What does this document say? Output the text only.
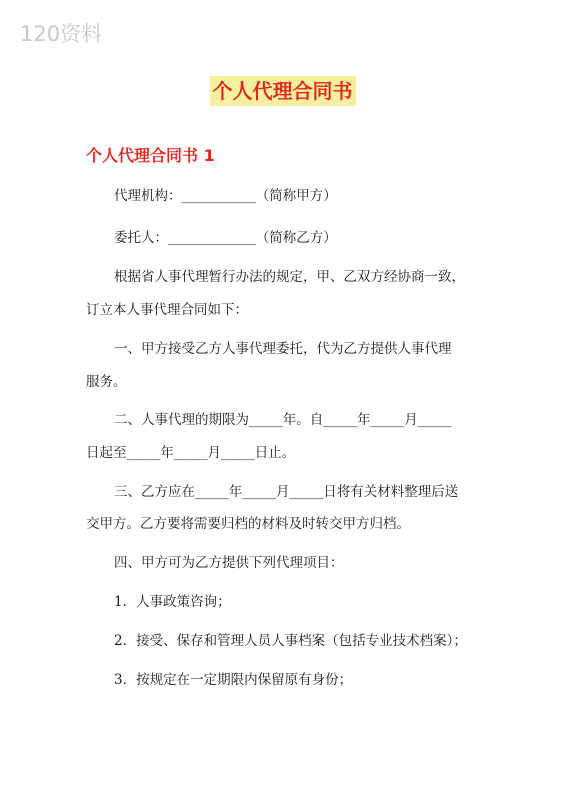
120资料
个人代理合同书
个人代理合同书 1
代理机构：___________（简称甲方）
委托人：_____________（简称乙方）
根据省人事代理暂行办法的规定，甲、乙双方经协商一致，
订立本人事代理合同如下：
一、甲方接受乙方人事代理委托，代为乙方提供人事代理
服务。
二、人事代理的期限为_____年。自_____年_____月_____
日起至_____年_____月_____日止。
三、乙方应在_____年_____月_____日将有关材料整理后送
交甲方。乙方要将需要归档的材料及时转交甲方归档。
四、甲方可为乙方提供下列代理项目：
1．人事政策咨询；
2．接受、保存和管理人员人事档案（包括专业技术档案）；
3．按规定在一定期限内保留原有身份；
